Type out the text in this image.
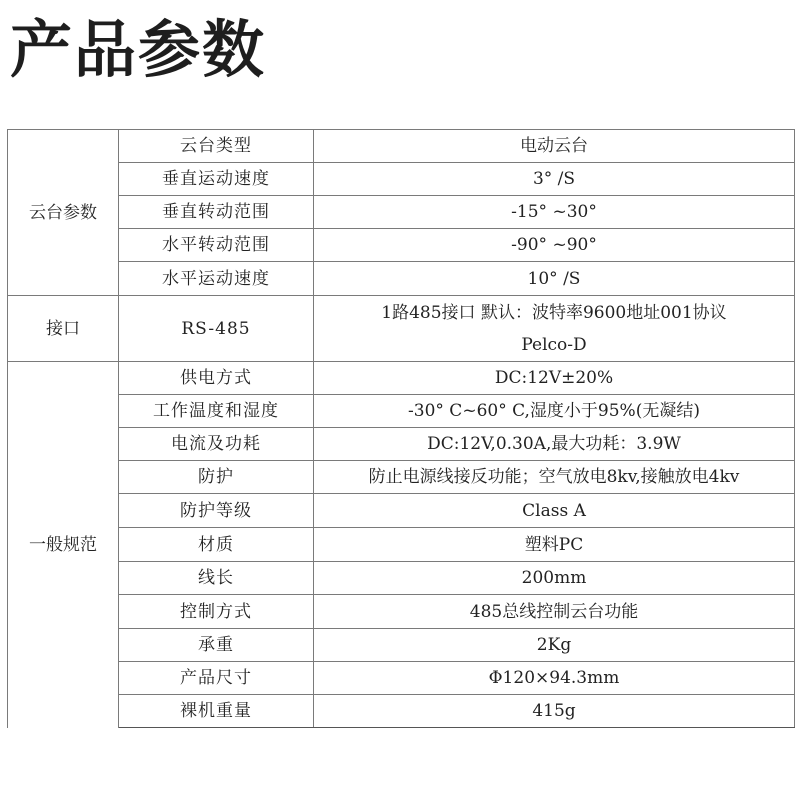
产品参数
云台参数	云台类型	电动云台
	垂直运动速度	3° /S
	垂直转动范围	-15° ~30°
	水平转动范围	-90° ~90°
	水平运动速度	10° /S
接口	RS-485	1路485接口 默认：波特率9600地址001协议
Pelco-D

一般规范	供电方式	DC:12V±20%
	工作温度和湿度	-30° C~60° C,湿度小于95%(无凝结)
	电流及功耗	DC:12V,0.30A,最大功耗：3.9W
	防护	防止电源线接反功能；空气放电8kv,接触放电4kv
	防护等级	Class A
	材质	塑料PC
	线长	200mm
	控制方式	485总线控制云台功能
	承重	2Kg
	产品尺寸	Φ120×94.3mm
	裸机重量	415g
